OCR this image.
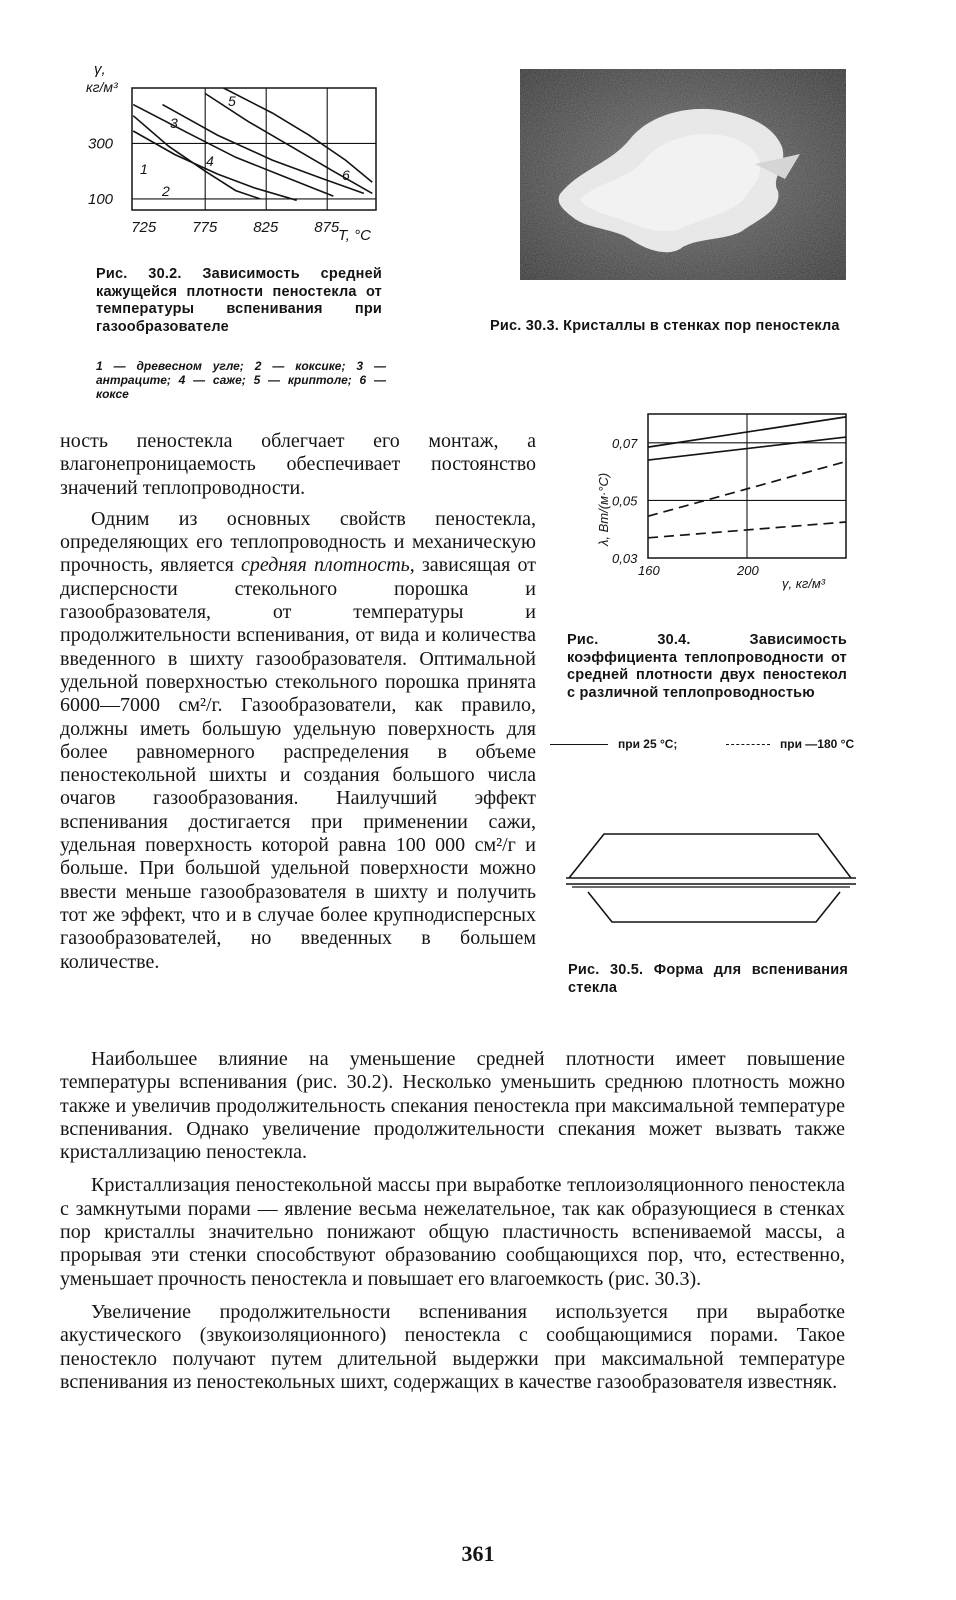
725 775 825 875
300
100
1
2
3
4
5
6
γ,
кг/м³
T, °C
Рис. 30.2. Зависимость средней кажущейся плотности пеностекла от температуры вспенивания при газообразователе
1 — древесном угле; 2 — коксике; 3 — антраците; 4 — саже; 5 — криптоле; 6 — коксе
Рис. 30.3. Кристаллы в стенках пор пеностекла
160	200
0,07
0,05
0,03
λ, Вт/(м·°С)
γ, кг/м³
Рис. 30.4. Зависимость коэффициента теплопроводности от средней плотности двух пеностекол с различной теплопроводностью
при 25 °С;	при —180 °С
Рис. 30.5. Форма для вспенивания стекла

ность пеностекла облегчает его монтаж, а влагонепроницаемость обеспечивает постоянство значений теплопроводности.

Одним из основных свойств пеностекла, определяющих его теплопроводность и механическую прочность, является средняя плотность, зависящая от дисперсности стекольного порошка и газообразователя, от температуры и продолжительности вспенивания, от вида и количества введенного в шихту газообразователя. Оптимальной удельной поверхностью стекольного порошка принята 6000—7000 см²/г. Газообразователи, как правило, должны иметь большую удельную поверхность для более равномерного распределения в объеме пеностекольной шихты и создания большого числа очагов газообразования. Наилучший эффект вспенивания достигается при применении сажи, удельная поверхность которой равна 100 000 см²/г и больше. При большой удельной поверхности можно ввести меньше газообразователя в шихту и получить тот же эффект, что и в случае более крупнодисперсных газообразователей, но введенных в большем количестве.

Наибольшее влияние на уменьшение средней плотности имеет повышение температуры вспенивания (рис. 30.2). Несколько уменьшить среднюю плотность можно также и увеличив продолжительность спекания пеностекла при максимальной температуре вспенивания. Однако увеличение продолжительности спекания может вызвать также кристаллизацию пеностекла.

Кристаллизация пеностекольной массы при выработке теплоизоляционного пеностекла с замкнутыми порами — явление весьма нежелательное, так как образующиеся в стенках пор кристаллы значительно понижают общую пластичность вспениваемой массы, а прорывая эти стенки способствуют образованию сообщающихся пор, что, естественно, уменьшает прочность пеностекла и повышает его влагоемкость (рис. 30.3).

Увеличение продолжительности вспенивания используется при выработке акустического (звукоизоляционного) пеностекла с сообщающимися порами. Такое пеностекло получают путем длительной выдержки при максимальной температуре вспенивания из пеностекольных шихт, содержащих в качестве газообразователя известняк.

361
